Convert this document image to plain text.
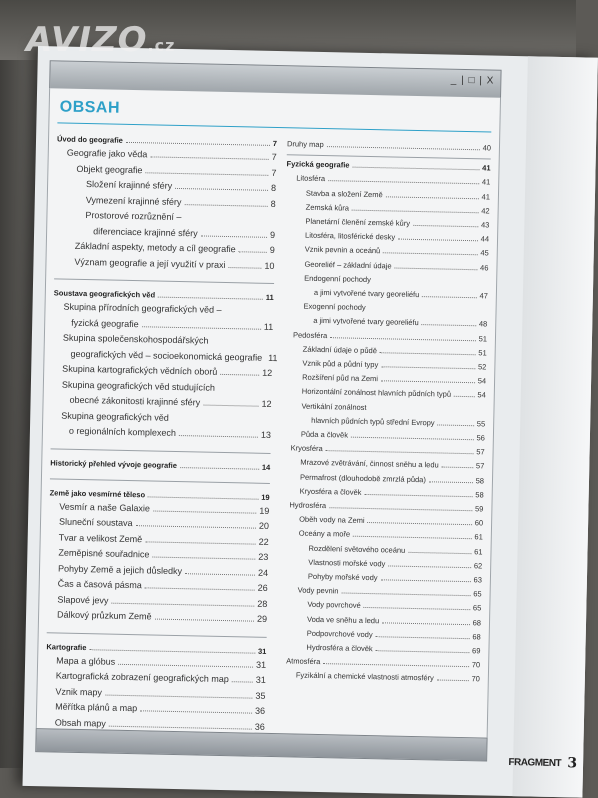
_ | □ | X
OBSAH
Úvod do geografie	7
Geografie jako věda	7
Objekt geografie	7
Složení krajinné sféry	8
Vymezení krajinné sféry	8
Prostorové rozrůznění –
diferenciace krajinné sféry	9
Základní aspekty, metody a cíl geografie	9
Význam geografie a její využití v praxi	10
Soustava geografických věd	11
Skupina přírodních geografických věd –
fyzická geografie	11
Skupina společenskohospodářských
geografických věd – socioekonomická geografie 11
Skupina kartografických vědních oborů	12
Skupina geografických věd studujících
obecné zákonitosti krajinné sféry	12
Skupina geografických věd
o regionálních komplexech	13
Historický přehled vývoje geografie	14
Země jako vesmírné těleso	19
Vesmír a naše Galaxie	19
Sluneční soustava	20
Tvar a velikost Země	22
Zeměpisné souřadnice	23
Pohyby Země a jejich důsledky	24
Čas a časová pásma	26
Slapové jevy	28
Dálkový průzkum Země	29
Kartografie	31
Mapa a glóbus	31
Kartografická zobrazení geografických map	31
Vznik mapy	35
Měřítka plánů a map	36
Obsah mapy	36
Druhy map	40
Fyzická geografie	41
Litosféra	41
Stavba a složení Země	41
Zemská kůra	42
Planetární členění zemské kůry	43
Litosféra, litosférické desky	44
Vznik pevnin a oceánů	45
Georeliéf – základní údaje	46
Endogenní pochody
a jimi vytvořené tvary georeliéfu	47
Exogenní pochody
a jimi vytvořené tvary georeliéfu	48
Pedosféra	51
Základní údaje o půdě	51
Vznik půd a půdní typy	52
Rozšíření půd na Zemi	54
Horizontální zonálnost hlavních půdních typů	54
Vertikální zonálnost
hlavních půdních typů střední Evropy	55
Půda a člověk	56
Kryosféra	57
Mrazové zvětrávání, činnost sněhu a ledu	57
Permafrost (dlouhodobě zmrzlá půda)	58
Kryosféra a člověk	58
Hydrosféra	59
Oběh vody na Zemi	60
Oceány a moře	61
Rozdělení světového oceánu	61
Vlastnosti mořské vody	62
Pohyby mořské vody	63
Vody pevnin	65
Vody povrchové	65
Voda ve sněhu a ledu	68
Podpovrchové vody	68
Hydrosféra a člověk	69
Atmosféra	70
Fyzikální a chemické vlastnosti atmosféry	70
FRAGMENT 3
AVIZO.cz
